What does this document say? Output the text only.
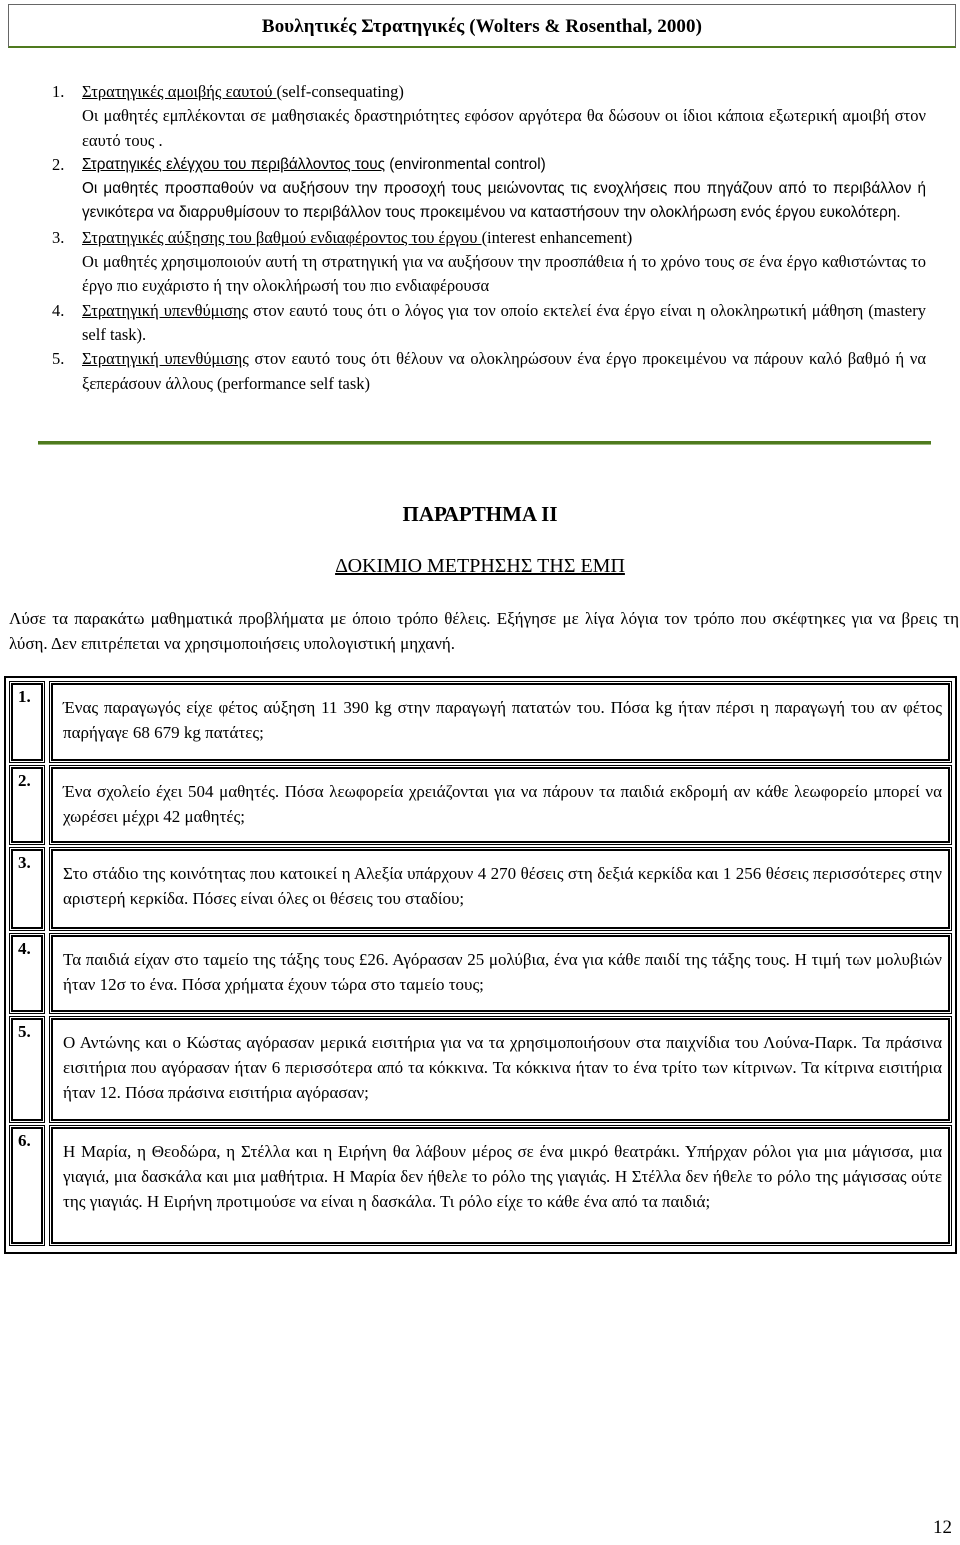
Βουλητικές Στρατηγικές (Wolters & Rosenthal, 2000)
1. Στρατηγικές αμοιβής εαυτού (self-consequating)
Οι μαθητές εμπλέκονται σε μαθησιακές δραστηριότητες εφόσον αργότερα θα δώσουν οι ίδιοι κάποια εξωτερική αμοιβή στον εαυτό τους .
2. Στρατηγικές ελέγχου του περιβάλλοντος τους (environmental control)
Οι μαθητές προσπαθούν να αυξήσουν την προσοχή τους μειώνοντας τις ενοχλήσεις που πηγάζουν από το περιβάλλον ή γενικότερα να διαρρυθμίσουν το περιβάλλον τους προκειμένου να καταστήσουν την ολοκλήρωση ενός έργου ευκολότερη.
3. Στρατηγικές αύξησης του βαθμού ενδιαφέροντος του έργου (interest enhancement)
Οι μαθητές χρησιμοποιούν αυτή τη στρατηγική για να αυξήσουν την προσπάθεια ή το χρόνο τους σε ένα έργο καθιστώντας το έργο πιο ευχάριστο ή την ολοκλήρωσή του πιο ενδιαφέρουσα
4. Στρατηγική υπενθύμισης στον εαυτό τους ότι ο λόγος για τον οποίο εκτελεί ένα έργο είναι η ολοκληρωτική μάθηση (mastery self task).
5. Στρατηγική υπενθύμισης στον εαυτό τους ότι θέλουν να ολοκληρώσουν ένα έργο προκειμένου να πάρουν καλό βαθμό ή να ξεπεράσουν άλλους (performance self task)
ΠΑΡΑΡΤΗΜΑ ΙΙ
ΔΟΚΙΜΙΟ ΜΕΤΡΗΣΗΣ ΤΗΣ ΕΜΠ
Λύσε τα παρακάτω μαθηματικά προβλήματα με όποιο τρόπο θέλεις. Εξήγησε με λίγα λόγια τον τρόπο που σκέφτηκες για να βρεις τη λύση. Δεν επιτρέπεται να χρησιμοποιήσεις υπολογιστική μηχανή.
1.
Ένας παραγωγός είχε φέτος αύξηση 11 390 kg στην παραγωγή πατατών του. Πόσα kg ήταν πέρσι η παραγωγή του αν φέτος παρήγαγε 68 679 kg πατάτες;
2.
Ένα σχολείο έχει 504 μαθητές. Πόσα λεωφορεία χρειάζονται για να πάρουν τα παιδιά εκδρομή αν κάθε λεωφορείο μπορεί να χωρέσει μέχρι 42 μαθητές;
3.
Στο στάδιο της κοινότητας που κατοικεί η Αλεξία υπάρχουν 4 270 θέσεις στη δεξιά κερκίδα και 1 256 θέσεις περισσότερες στην αριστερή κερκίδα. Πόσες είναι όλες οι θέσεις του σταδίου;
4.
Τα παιδιά είχαν στο ταμείο της τάξης τους £26. Αγόρασαν 25 μολύβια, ένα για κάθε παιδί της τάξης τους. Η τιμή των μολυβιών ήταν 12σ το ένα. Πόσα χρήματα έχουν τώρα στο ταμείο τους;
5.
Ο Αντώνης και ο Κώστας αγόρασαν μερικά εισιτήρια για να τα χρησιμοποιήσουν στα παιχνίδια του Λούνα-Παρκ. Τα πράσινα εισιτήρια που αγόρασαν ήταν 6 περισσότερα από τα κόκκινα. Τα κόκκινα ήταν το ένα τρίτο των κίτρινων. Τα κίτρινα εισιτήρια ήταν 12. Πόσα πράσινα εισιτήρια αγόρασαν;
6.
Η Μαρία, η Θεοδώρα, η Στέλλα και η Ειρήνη θα λάβουν μέρος σε ένα μικρό θεατράκι. Υπήρχαν ρόλοι για μια μάγισσα, μια γιαγιά, μια δασκάλα και μια μαθήτρια. Η Μαρία δεν ήθελε το ρόλο της γιαγιάς. Η Στέλλα δεν ήθελε το ρόλο της μάγισσας ούτε της γιαγιάς. Η Ειρήνη προτιμούσε να είναι η δασκάλα. Τι ρόλο είχε το κάθε ένα από τα παιδιά;
12
